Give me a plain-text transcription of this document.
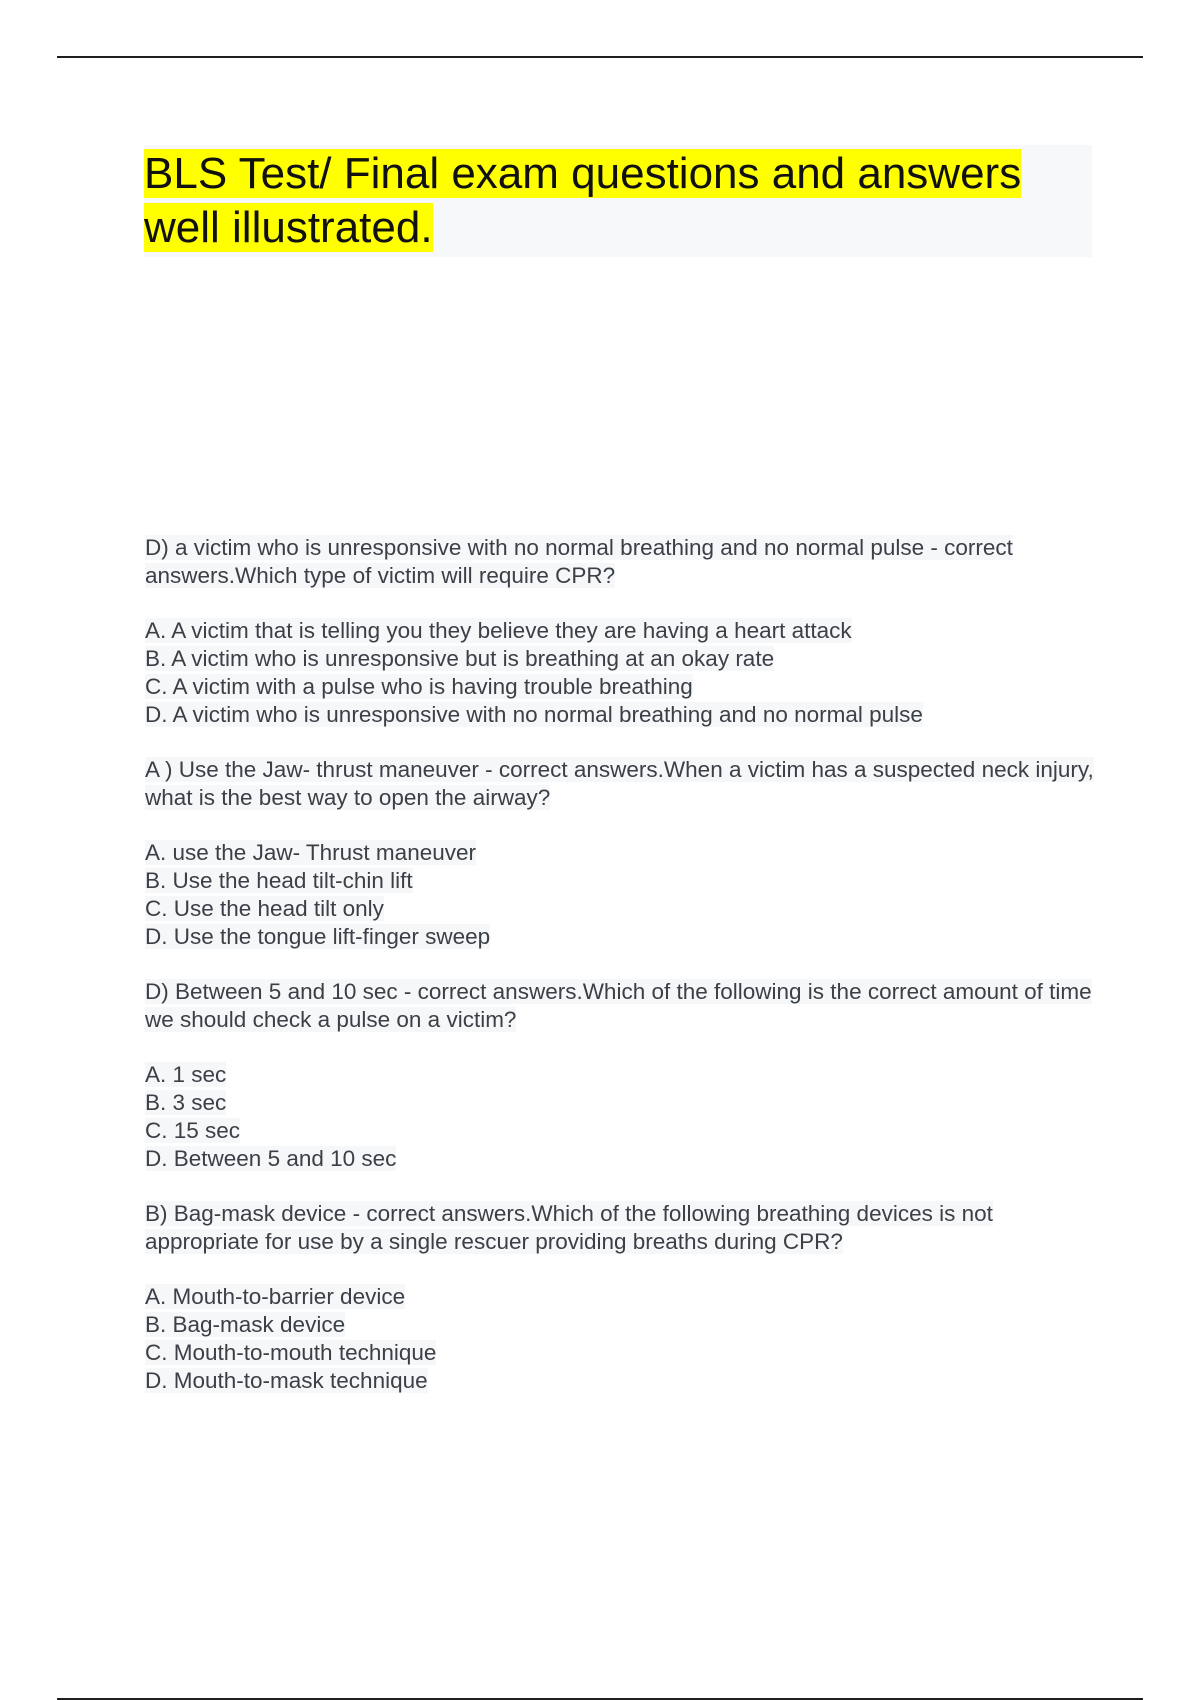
BLS Test/ Final exam questions and answers well illustrated.

D) a victim who is unresponsive with no normal breathing and no normal pulse - correct answers.Which type of victim will require CPR?

A. A victim that is telling you they believe they are having a heart attack
B. A victim who is unresponsive but is breathing at an okay rate
C. A victim with a pulse who is having trouble breathing
D. A victim who is unresponsive with no normal breathing and no normal pulse

A ) Use the Jaw- thrust maneuver - correct answers.When a victim has a suspected neck injury, what is the best way to open the airway?

A. use the Jaw- Thrust maneuver
B. Use the head tilt-chin lift
C. Use the head tilt only
D. Use the tongue lift-finger sweep

D) Between 5 and 10 sec - correct answers.Which of the following is the correct amount of time we should check a pulse on a victim?

A. 1 sec
B. 3 sec
C. 15 sec
D. Between 5 and 10 sec

B) Bag-mask device - correct answers.Which of the following breathing devices is not appropriate for use by a single rescuer providing breaths during CPR?

A. Mouth-to-barrier device
B. Bag-mask device
C. Mouth-to-mouth technique
D. Mouth-to-mask technique
